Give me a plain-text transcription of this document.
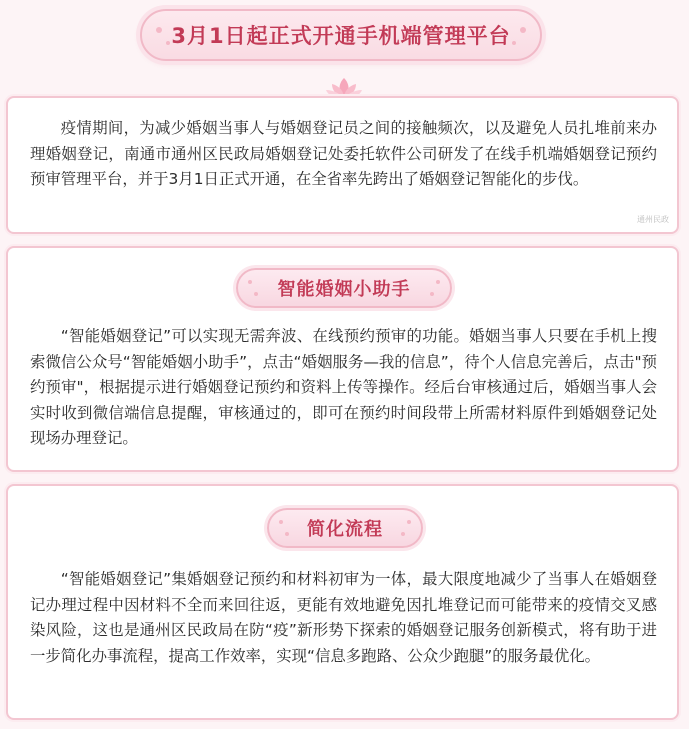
3月1日起正式开通手机端管理平台
疫情期间，为减少婚姻当事人与婚姻登记员之间的接触频次，以及避免人员扎堆前来办理婚姻登记，南通市通州区民政局婚姻登记处委托软件公司研发了在线手机端婚姻登记预约预审管理平台，并于3月1日正式开通，在全省率先跨出了婚姻登记智能化的步伐。
通州民政
智能婚姻小助手
“智能婚姻登记”可以实现无需奔波、在线预约预审的功能。婚姻当事人只要在手机上搜索微信公众号“智能婚姻小助手”，点击“婚姻服务—我的信息”，待个人信息完善后，点击"预约预审"，根据提示进行婚姻登记预约和资料上传等操作。经后台审核通过后，婚姻当事人会实时收到微信端信息提醒，审核通过的，即可在预约时间段带上所需材料原件到婚姻登记处现场办理登记。
简化流程
“智能婚姻登记”集婚姻登记预约和材料初审为一体，最大限度地减少了当事人在婚姻登记办理过程中因材料不全而来回往返，更能有效地避免因扎堆登记而可能带来的疫情交叉感染风险，这也是通州区民政局在防“疫”新形势下探索的婚姻登记服务创新模式，将有助于进一步简化办事流程，提高工作效率，实现“信息多跑路、公众少跑腿”的服务最优化。
